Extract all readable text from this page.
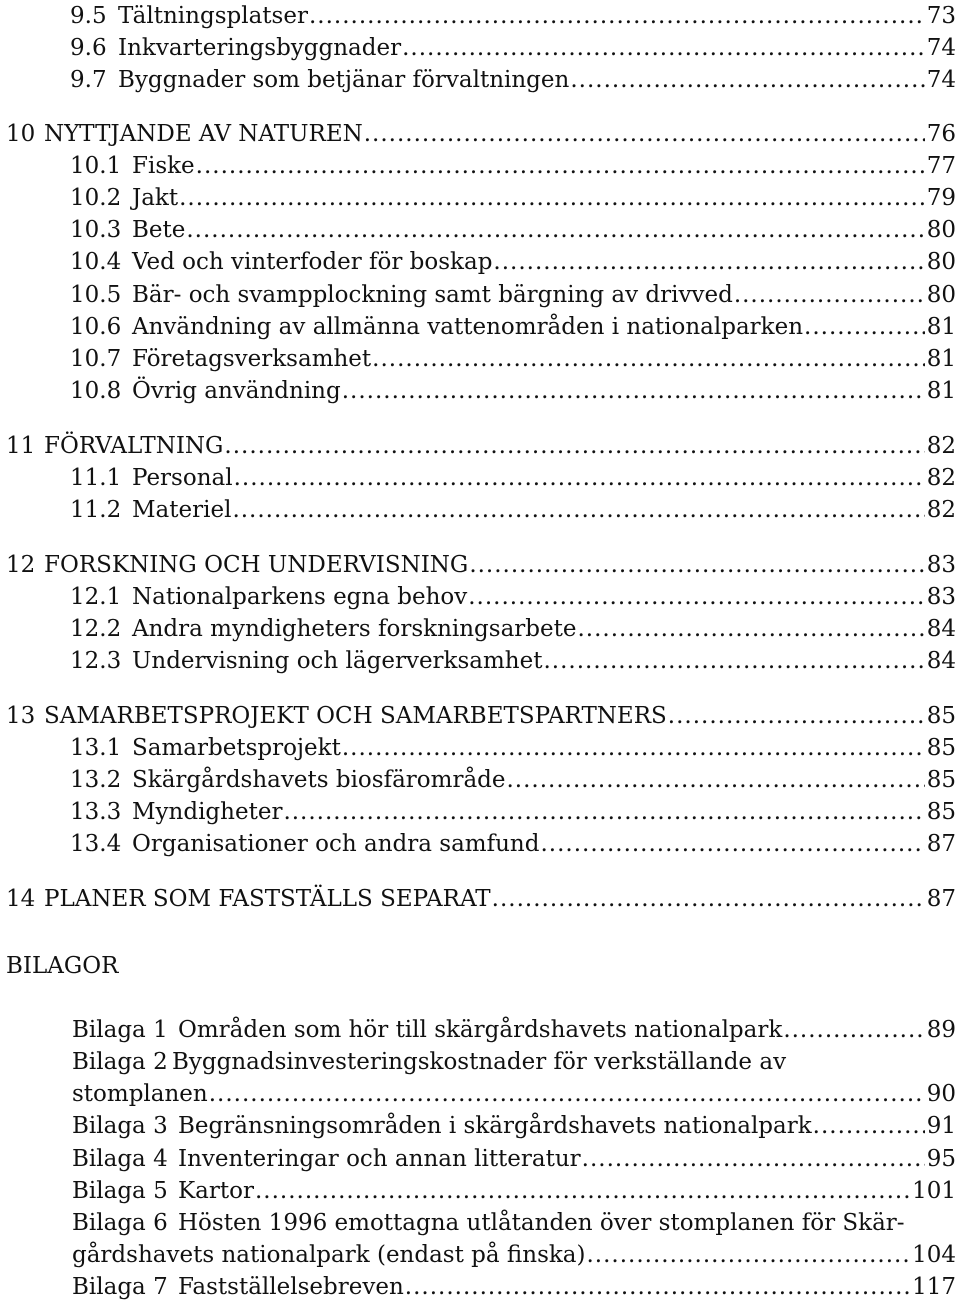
9.5 Tältningsplatser .....	73
9.6 Inkvarteringsbyggnader .....	74
9.7 Byggnader som betjänar förvaltningen .....	74
10 NYTTJANDE AV NATUREN .....	76
10.1 Fiske .....	77
10.2 Jakt .....	79
10.3 Bete .....	80
10.4 Ved och vinterfoder för boskap .....	80
10.5 Bär- och svampplockning samt bärgning av drivved .....	80
10.6 Användning av allmänna vattenområden i nationalparken .....	81
10.7 Företagsverksamhet .....	81
10.8 Övrig användning .....	81
11 FÖRVALTNING .....	82
11.1 Personal .....	82
11.2 Materiel .....	82
12 FORSKNING OCH UNDERVISNING .....	83
12.1 Nationalparkens egna behov .....	83
12.2 Andra myndigheters forskningsarbete .....	84
12.3 Undervisning och lägerverksamhet .....	84
13 SAMARBETSPROJEKT OCH SAMARBETSPARTNERS .....	85
13.1 Samarbetsprojekt .....	85
13.2 Skärgårdshavets biosfärområde .....	85
13.3 Myndigheter .....	85
13.4 Organisationer och andra samfund .....	87
14 PLANER SOM FASTSTÄLLS SEPARAT .....	87
BILAGOR
Bilaga 1 Områden som hör till skärgårdshavets nationalpark .....	89
Bilaga 2 Byggnadsinvesteringskostnader för verkställande av
stomplanen .....	90
Bilaga 3 Begränsningsområden i skärgårdshavets nationalpark .....	91
Bilaga 4 Inventeringar och annan litteratur .....	95
Bilaga 5 Kartor .....	101
Bilaga 6 Hösten 1996 emottagna utlåtanden över stomplanen för Skär-
gårdshavets nationalpark (endast på finska) .....	104
Bilaga 7 Fastställelsebreven .....	117
